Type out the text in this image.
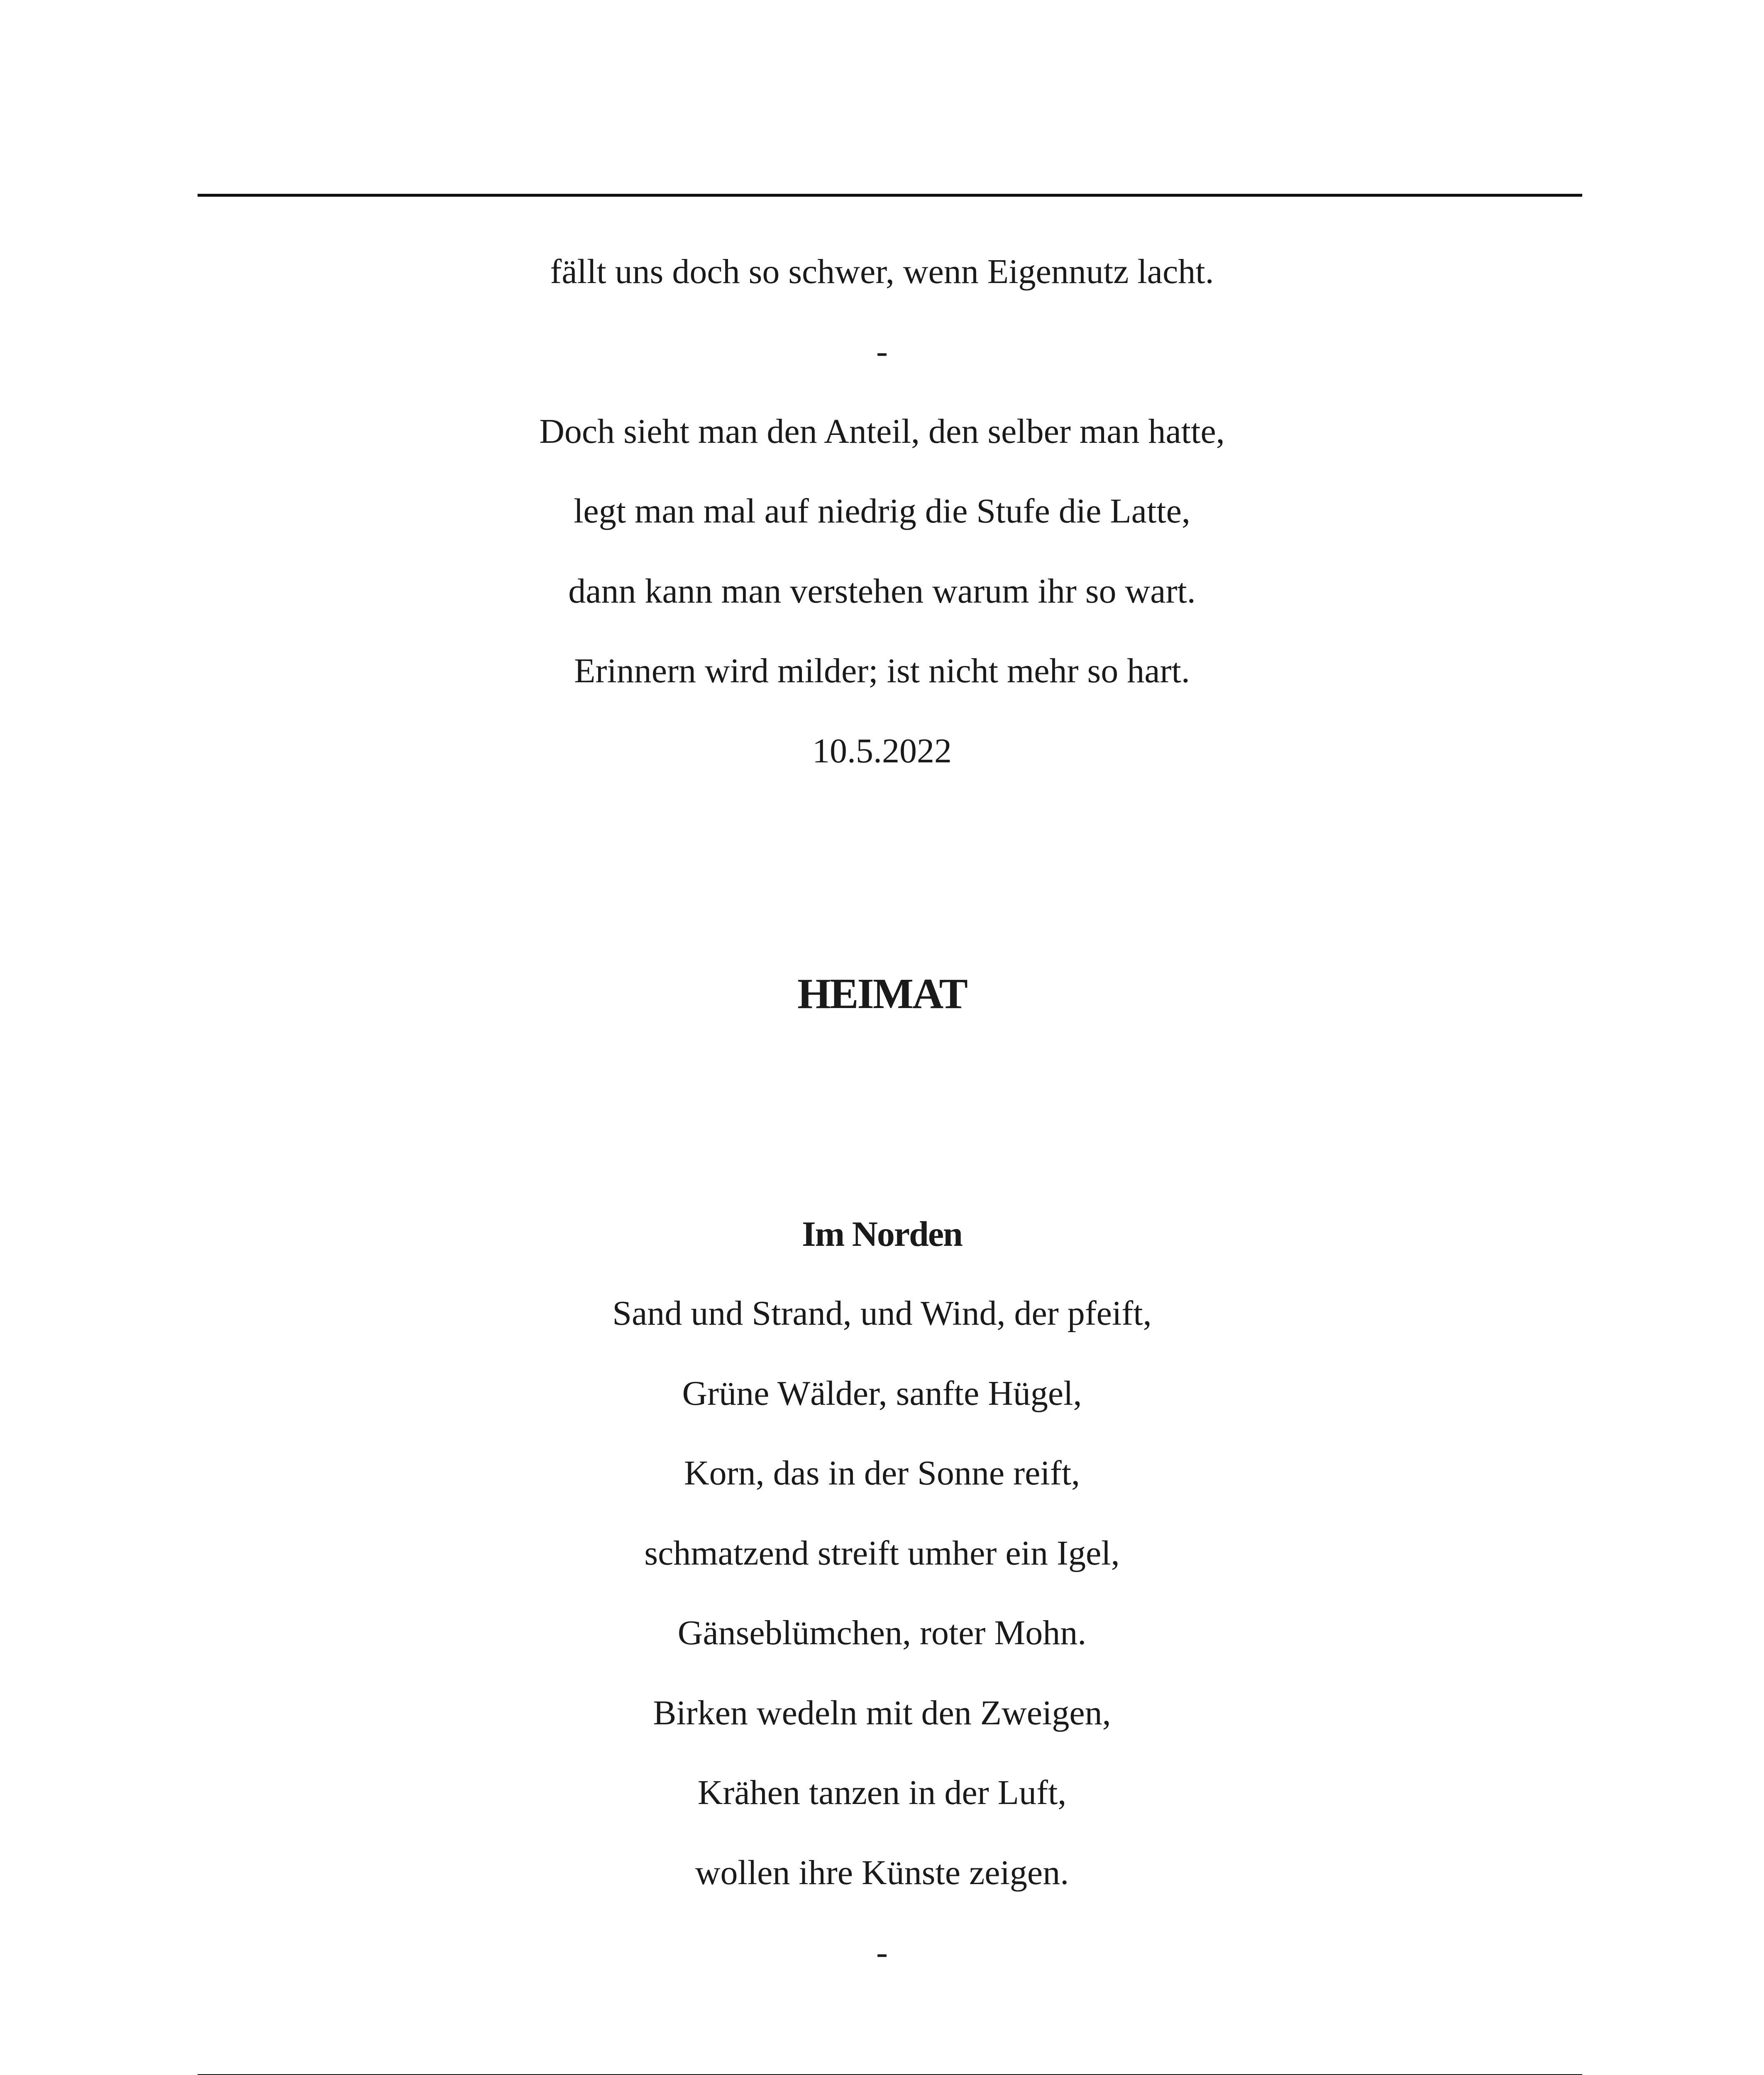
fällt uns doch so schwer, wenn Eigennutz lacht.
-
Doch sieht man den Anteil, den selber man hatte,
legt man mal auf niedrig die Stufe die Latte,
dann kann man verstehen warum ihr so wart.
Erinnern wird milder; ist nicht mehr so hart.
10.5.2022
HEIMAT
Im Norden
Sand und Strand, und Wind, der pfeift,
Grüne Wälder, sanfte Hügel,
Korn, das in der Sonne reift,
schmatzend streift umher ein Igel,
Gänseblümchen, roter Mohn.
Birken wedeln mit den Zweigen,
Krähen tanzen in der Luft,
wollen ihre Künste zeigen.
-
